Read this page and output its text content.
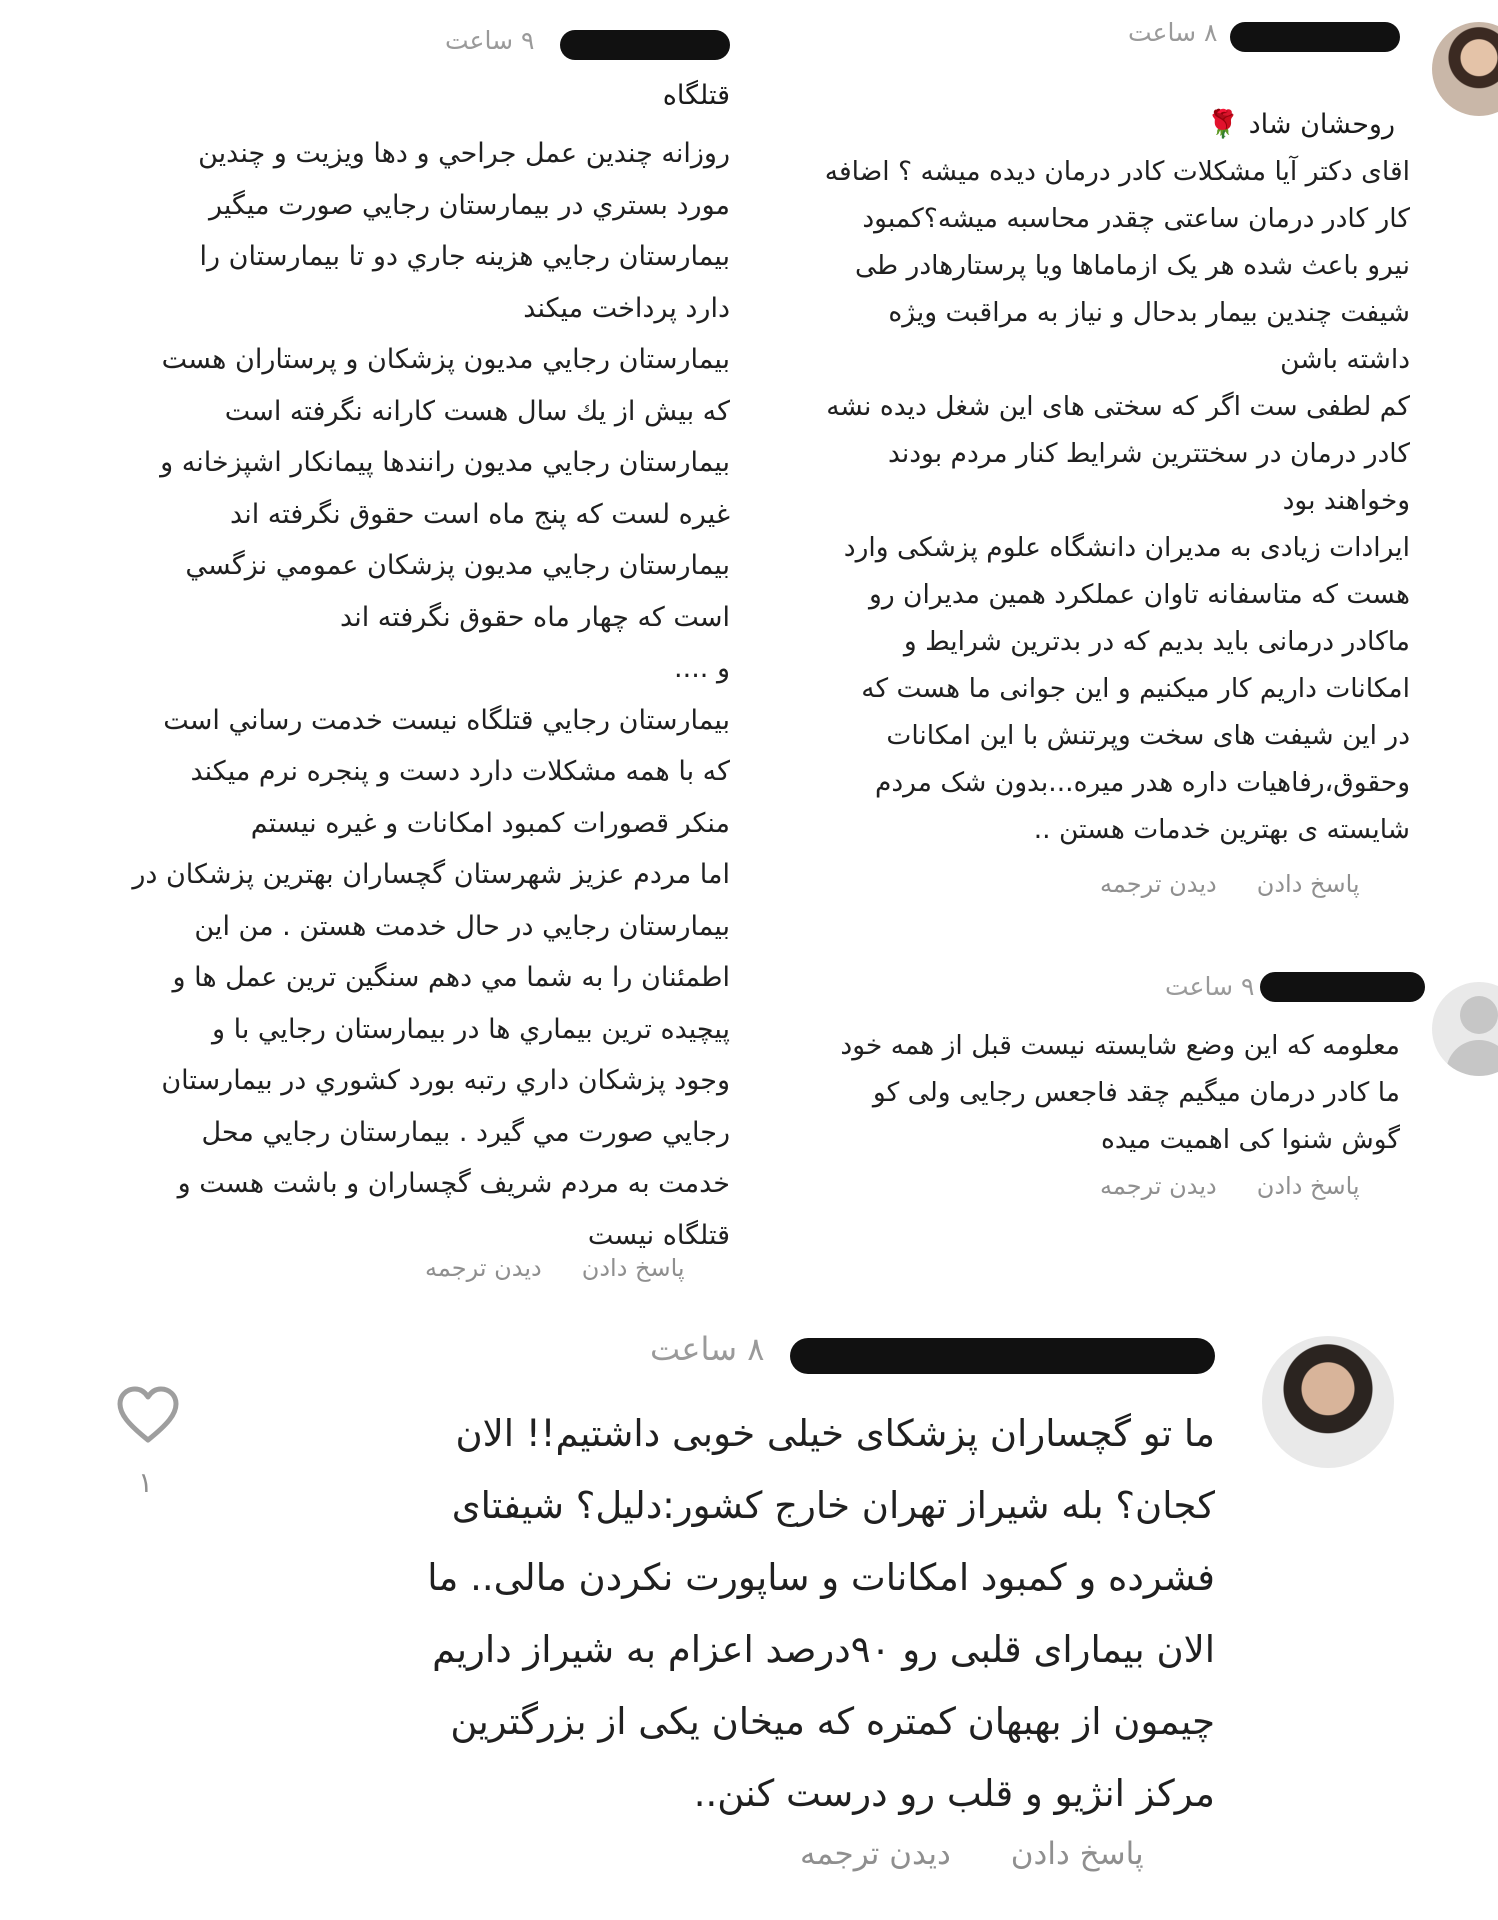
۸ ساعت
روحشان شاد 🌹
اقای دکتر آیا مشکلات کادر درمان دیده میشه ؟ اضافه
کار کادر درمان ساعتی چقدر محاسبه میشه؟کمبود
نیرو باعث شده هر یک ازماماها ویا پرستارهادر طی
شیفت چندین بیمار بدحال و نیاز به مراقبت ویژه
داشته باشن
کم لطفی ست اگر که سختی های این شغل دیده نشه
کادر درمان در سختترین شرایط کنار مردم بودند
وخواهند بود
ایرادات زیادی به مدیران دانشگاه علوم پزشکی وارد
هست که متاسفانه تاوان عملکرد همین مدیران رو
ماکادر درمانی باید بدیم که در بدترین شرایط و
امکانات داریم کار میکنیم و این جوانی ما هست که
در این شیفت های سخت وپرتنش با این امکانات
وحقوق،رفاهیات داره هدر میره...بدون شک مردم
شایسته ی بهترین خدمات هستن ..
پاسخ دادن
دیدن ترجمه
۹ ساعت
معلومه که این وضع شایسته نیست قبل از همه خود
ما کادر درمان میگیم چقد فاجعس رجایی ولی کو
گوش شنوا کی اهمیت میده
پاسخ دادن
دیدن ترجمه
۹ ساعت
قتلگاه
روزانه چندين عمل جراحي و دها ويزيت و چندين
مورد بستري در بيمارستان رجايي صورت ميگير
بيمارستان رجايي هزينه جاري دو تا بيمارستان را
دارد پرداخت ميكند
بيمارستان رجايي مديون پزشكان و پرستاران هست
كه بيش از يك سال هست كارانه نگرفته است
بيمارستان رجايي مديون رانندها پيمانكار اشپزخانه و
غيره لست كه پنج ماه است حقوق نگرفته اند
بيمارستان رجايي مديون پزشكان عمومي نزگسي
است كه چهار ماه حقوق نگرفته اند
و ....
بيمارستان رجايي قتلگاه نيست خدمت رساني است
كه با همه مشكلات دارد دست و پنجره نرم ميكند
منكر قصورات كمبود امكانات و غيره نيستم
اما مردم عزيز شهرستان گچساران بهترين پزشكان در
بيمارستان رجايي در حال خدمت هستن . من اين
اطمئنان را به شما مي دهم سنگين ترين عمل ها و
پيچيده ترين بيماري ها در بيمارستان رجايي با و
وجود پزشكان داري رتبه بورد كشوري در بيمارستان
رجايي صورت مي گيرد . بيمارستان رجايي محل
خدمت به مردم شريف گچساران و باشت هست و
قتلگاه نيست
پاسخ دادن
دیدن ترجمه
۸ ساعت
ما تو گچساران پزشکای خیلی خوبی داشتیم!! الان
کجان؟ بله شیراز تهران خارج کشور:دلیل؟ شیفتای
فشرده و کمبود امکانات و ساپورت نکردن مالی.. ما
الان بیمارای قلبی رو ۹۰درصد اعزام به شیراز داریم
چیمون از بهبهان کمتره که میخان یکی از بزرگترین
مرکز انژیو و قلب رو درست کنن..
پاسخ دادن
دیدن ترجمه
۱
